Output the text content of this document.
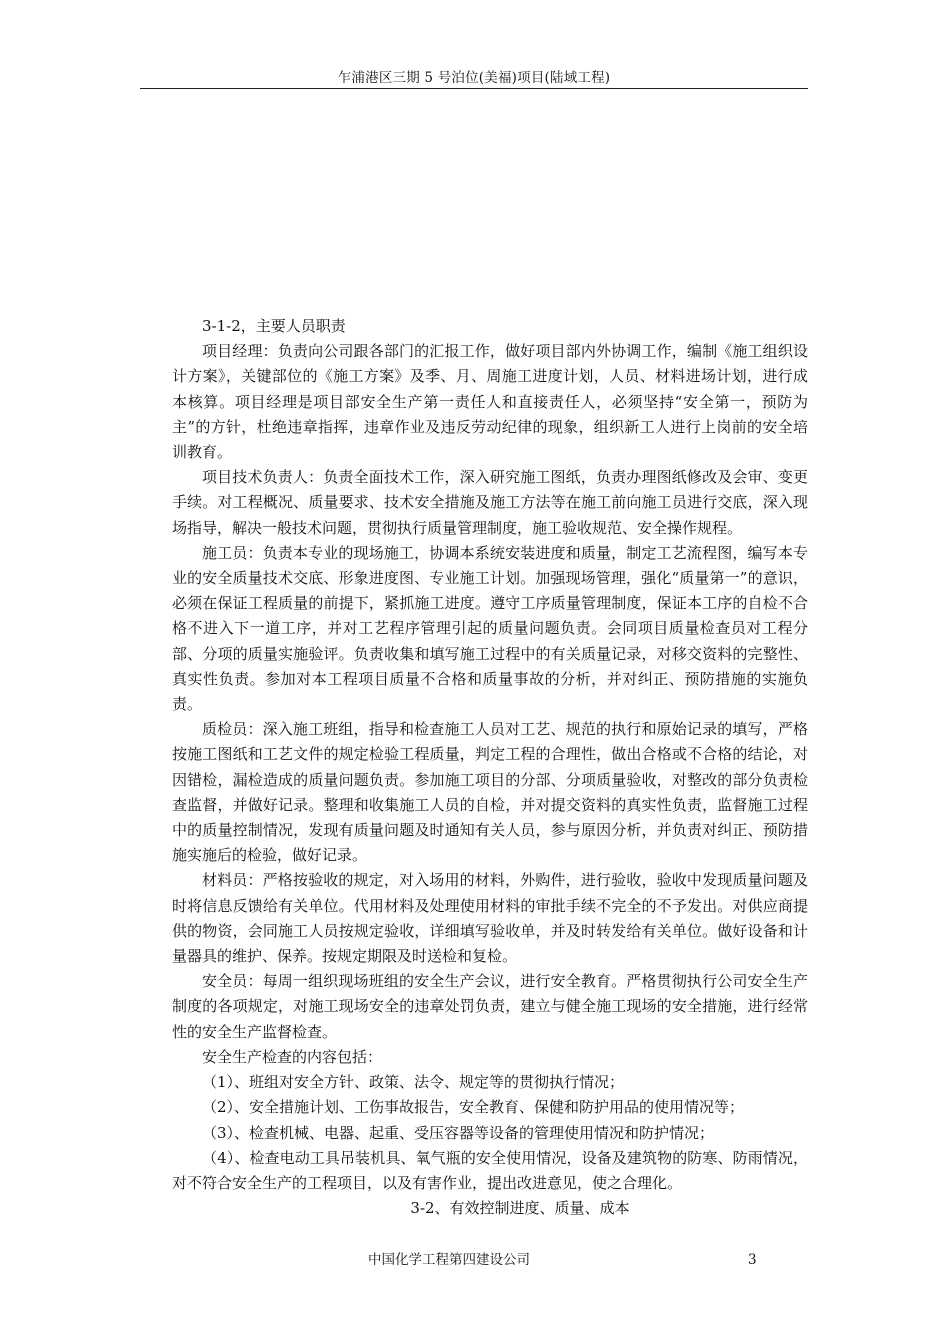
乍浦港区三期 5 号泊位(美福)项目(陆域工程)

3-1-2，主要人员职责

项目经理：负责向公司跟各部门的汇报工作，做好项目部内外协调工作，编制《施工组织设计方案》，关键部位的《施工方案》及季、月、周施工进度计划，人员、材料进场计划，进行成本核算。项目经理是项目部安全生产第一责任人和直接责任人，必须坚持“安全第一，预防为主”的方针，杜绝违章指挥，违章作业及违反劳动纪律的现象，组织新工人进行上岗前的安全培训教育。

项目技术负责人：负责全面技术工作，深入研究施工图纸，负责办理图纸修改及会审、变更手续。对工程概况、质量要求、技术安全措施及施工方法等在施工前向施工员进行交底，深入现场指导，解决一般技术问题，贯彻执行质量管理制度，施工验收规范、安全操作规程。

施工员：负责本专业的现场施工，协调本系统安装进度和质量，制定工艺流程图，编写本专业的安全质量技术交底、形象进度图、专业施工计划。加强现场管理，强化“质量第一”的意识，必须在保证工程质量的前提下，紧抓施工进度。遵守工序质量管理制度，保证本工序的自检不合格不进入下一道工序，并对工艺程序管理引起的质量问题负责。会同项目质量检查员对工程分部、分项的质量实施验评。负责收集和填写施工过程中的有关质量记录，对移交资料的完整性、真实性负责。参加对本工程项目质量不合格和质量事故的分析，并对纠正、预防措施的实施负责。

质检员：深入施工班组，指导和检查施工人员对工艺、规范的执行和原始记录的填写，严格按施工图纸和工艺文件的规定检验工程质量，判定工程的合理性，做出合格或不合格的结论，对因错检，漏检造成的质量问题负责。参加施工项目的分部、分项质量验收，对整改的部分负责检查监督，并做好记录。整理和收集施工人员的自检，并对提交资料的真实性负责，监督施工过程中的质量控制情况，发现有质量问题及时通知有关人员，参与原因分析，并负责对纠正、预防措施实施后的检验，做好记录。

材料员：严格按验收的规定，对入场用的材料，外购件，进行验收，验收中发现质量问题及时将信息反馈给有关单位。代用材料及处理使用材料的审批手续不完全的不予发出。对供应商提供的物资，会同施工人员按规定验收，详细填写验收单，并及时转发给有关单位。做好设备和计量器具的维护、保养。按规定期限及时送检和复检。

安全员：每周一组织现场班组的安全生产会议，进行安全教育。严格贯彻执行公司安全生产制度的各项规定，对施工现场安全的违章处罚负责，建立与健全施工现场的安全措施，进行经常性的安全生产监督检查。

安全生产检查的内容包括：

（1）、班组对安全方针、政策、法令、规定等的贯彻执行情况；

（2）、安全措施计划、工伤事故报告，安全教育、保健和防护用品的使用情况等；

（3）、检查机械、电器、起重、受压容器等设备的管理使用情况和防护情况；

（4）、检查电动工具吊装机具、氧气瓶的安全使用情况，设备及建筑物的防寒、防雨情况，对不符合安全生产的工程项目，以及有害作业，提出改进意见，使之合理化。

3-2、有效控制进度、质量、成本

中国化学工程第四建设公司	3
